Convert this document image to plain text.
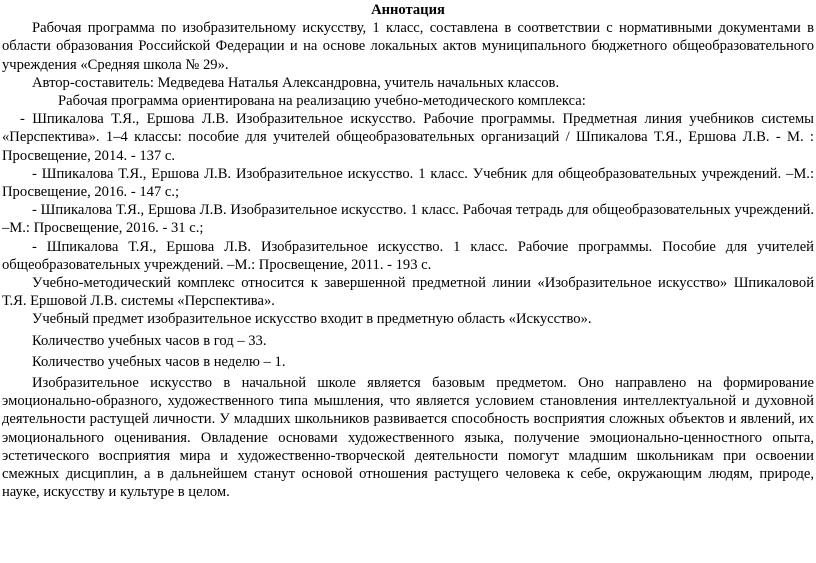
Аннотация

Рабочая программа по изобразительному искусству, 1 класс, составлена в соответствии с нормативными документами в области образования Российской Федерации и на основе локальных актов муниципального бюджетного общеобразовательного учреждения «Средняя школа № 29».

Автор-составитель: Медведева Наталья Александровна, учитель начальных классов.

Рабочая программа ориентирована на реализацию учебно-методического комплекса:

- Шпикалова Т.Я., Ершова Л.В. Изобразительное искусство. Рабочие программы. Предметная линия учебников системы «Перспектива». 1–4 классы: пособие для учителей общеобразовательных организаций / Шпикалова Т.Я., Ершова Л.В. - М. : Просвещение, 2014. - 137 с.

- Шпикалова Т.Я., Ершова Л.В. Изобразительное искусство. 1 класс. Учебник для общеобразовательных учреждений. –М.: Просвещение, 2016. - 147 с.;

- Шпикалова Т.Я., Ершова Л.В. Изобразительное искусство. 1 класс. Рабочая тетрадь для общеобразовательных учреждений. –М.: Просвещение, 2016. - 31 с.;

- Шпикалова Т.Я., Ершова Л.В. Изобразительное искусство. 1 класс. Рабочие программы. Пособие для учителей общеобразовательных учреждений. –М.: Просвещение, 2011. - 193 с.

Учебно-методический комплекс относится к завершенной предметной линии «Изобразительное искусство» Шпикаловой Т.Я. Ершовой Л.В. системы «Перспектива».

Учебный предмет изобразительное искусство входит в предметную область «Искусство».

Количество учебных часов в год – 33.

Количество учебных часов в неделю – 1.

Изобразительное искусство в начальной школе является базовым предметом. Оно направлено на формирование эмоционально-образного, художественного типа мышления, что является условием становления интеллектуальной и духовной деятельности растущей личности. У младших школьников развивается способность восприятия сложных объектов и явлений, их эмоционального оценивания. Овладение основами художественного языка, получение эмоционально-ценностного опыта, эстетического восприятия мира и художественно-творческой деятельности помогут младшим школьникам при освоении смежных дисциплин, а в дальнейшем станут основой отношения растущего человека к себе, окружающим людям, природе, науке, искусству и культуре в целом.
